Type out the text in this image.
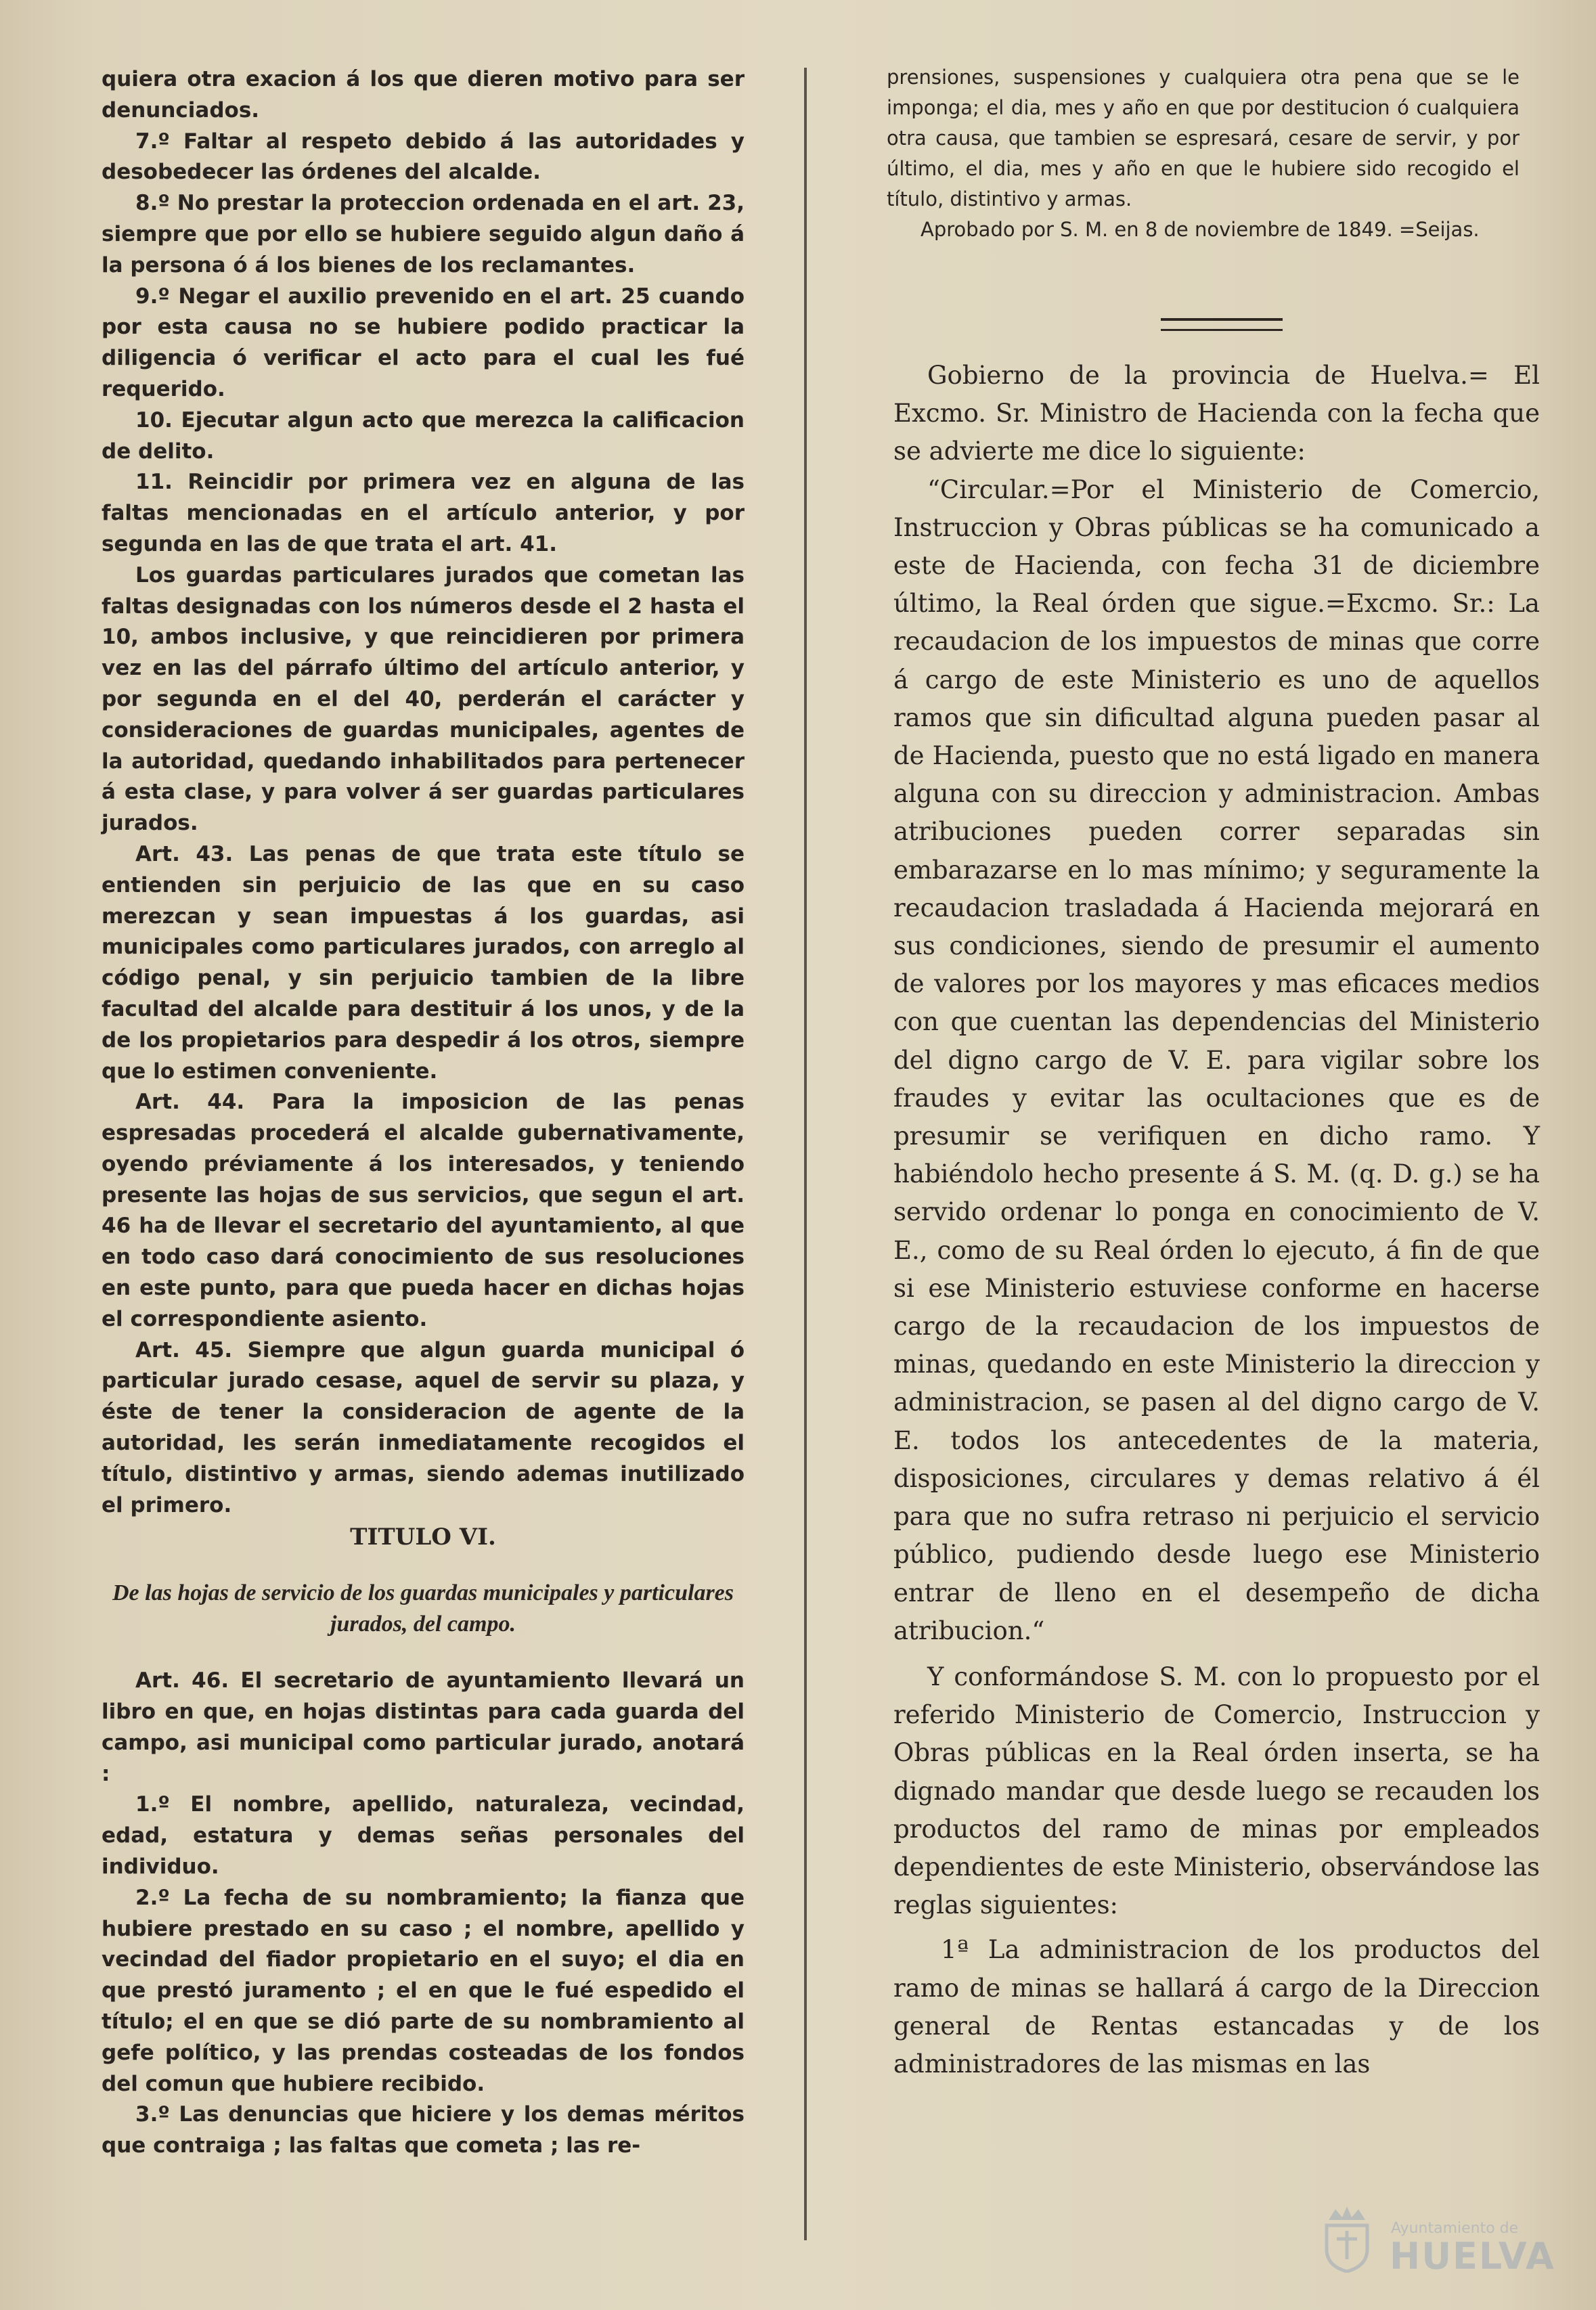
quiera otra exacion á los que dieren motivo para ser denunciados.

7.º Faltar al respeto debido á las autoridades y desobedecer las órdenes del alcalde.

8.º No prestar la proteccion ordenada en el art. 23, siempre que por ello se hubiere seguido algun daño á la persona ó á los bienes de los reclamantes.

9.º Negar el auxilio prevenido en el art. 25 cuando por esta causa no se hubiere podido practicar la diligencia ó verificar el acto para el cual les fué requerido.

10. Ejecutar algun acto que merezca la calificacion de delito.

11. Reincidir por primera vez en alguna de las faltas mencionadas en el artículo anterior, y por segunda en las de que trata el art. 41.

Los guardas particulares jurados que cometan las faltas designadas con los números desde el 2 hasta el 10, ambos inclusive, y que reincidieren por primera vez en las del párrafo último del artículo anterior, y por segunda en el del 40, perderán el carácter y consideraciones de guardas municipales, agentes de la autoridad, quedando inhabilitados para pertenecer á esta clase, y para volver á ser guardas particulares jurados.

Art. 43. Las penas de que trata este título se entienden sin perjuicio de las que en su caso merezcan y sean impuestas á los guardas, asi municipales como particulares jurados, con arreglo al código penal, y sin perjuicio tambien de la libre facultad del alcalde para destituir á los unos, y de la de los propietarios para despedir á los otros, siempre que lo estimen conveniente.

Art. 44. Para la imposicion de las penas espresadas procederá el alcalde gubernativamente, oyendo préviamente á los interesados, y teniendo presente las hojas de sus servicios, que segun el art. 46 ha de llevar el secretario del ayuntamiento, al que en todo caso dará conocimiento de sus resoluciones en este punto, para que pueda hacer en dichas hojas el correspondiente asiento.

Art. 45. Siempre que algun guarda municipal ó particular jurado cesase, aquel de servir su plaza, y éste de tener la consideracion de agente de la autoridad, les serán inmediatamente recogidos el título, distintivo y armas, siendo ademas inutilizado el primero.

TITULO VI.

De las hojas de servicio de los guardas municipales y particulares jurados, del campo.

Art. 46. El secretario de ayuntamiento llevará un libro en que, en hojas distintas para cada guarda del campo, asi municipal como particular jurado, anotará :

1.º El nombre, apellido, naturaleza, vecindad, edad, estatura y demas señas personales del individuo.

2.º La fecha de su nombramiento; la fianza que hubiere prestado en su caso ; el nombre, apellido y vecindad del fiador propietario en el suyo; el dia en que prestó juramento ; el en que le fué espedido el título; el en que se dió parte de su nombramiento al gefe político, y las prendas costeadas de los fondos del comun que hubiere recibido.

3.º Las denuncias que hiciere y los demas méritos que contraiga ; las faltas que cometa ; las re-

prensiones, suspensiones y cualquiera otra pena que se le imponga; el dia, mes y año en que por destitucion ó cualquiera otra causa, que tambien se espresará, cesare de servir, y por último, el dia, mes y año en que le hubiere sido recogido el título, distintivo y armas.

Aprobado por S. M. en 8 de noviembre de 1849. =Seijas.

Gobierno de la provincia de Huelva.= El Excmo. Sr. Ministro de Hacienda con la fecha que se advierte me dice lo siguiente:

“Circular.=Por el Ministerio de Comercio, Instruccion y Obras públicas se ha comunicado a este de Hacienda, con fecha 31 de diciembre último, la Real órden que sigue.=Excmo. Sr.: La recaudacion de los impuestos de minas que corre á cargo de este Ministerio es uno de aquellos ramos que sin dificultad alguna pueden pasar al de Hacienda, puesto que no está ligado en manera alguna con su direccion y administracion. Ambas atribuciones pueden correr separadas sin embarazarse en lo mas mínimo; y seguramente la recaudacion trasladada á Hacienda mejorará en sus condiciones, siendo de presumir el aumento de valores por los mayores y mas eficaces medios con que cuentan las dependencias del Ministerio del digno cargo de V. E. para vigilar sobre los fraudes y evitar las ocultaciones que es de presumir se verifiquen en dicho ramo. Y habiéndolo hecho presente á S. M. (q. D. g.) se ha servido ordenar lo ponga en conocimiento de V. E., como de su Real órden lo ejecuto, á fin de que si ese Ministerio estuviese conforme en hacerse cargo de la recaudacion de los impuestos de minas, quedando en este Ministerio la direccion y administracion, se pasen al del digno cargo de V. E. todos los antecedentes de la materia, disposiciones, circulares y demas relativo á él para que no sufra retraso ni perjuicio el servicio público, pudiendo desde luego ese Ministerio entrar de lleno en el desempeño de dicha atribucion.“

Y conformándose S. M. con lo propuesto por el referido Ministerio de Comercio, Instruccion y Obras públicas en la Real órden inserta, se ha dignado mandar que desde luego se recauden los productos del ramo de minas por empleados dependientes de este Ministerio, observándose las reglas siguientes:

1ª La administracion de los productos del ramo de minas se hallará á cargo de la Direccion general de Rentas estancadas y de los administradores de las mismas en las

Ayuntamiento de
HUELVA
